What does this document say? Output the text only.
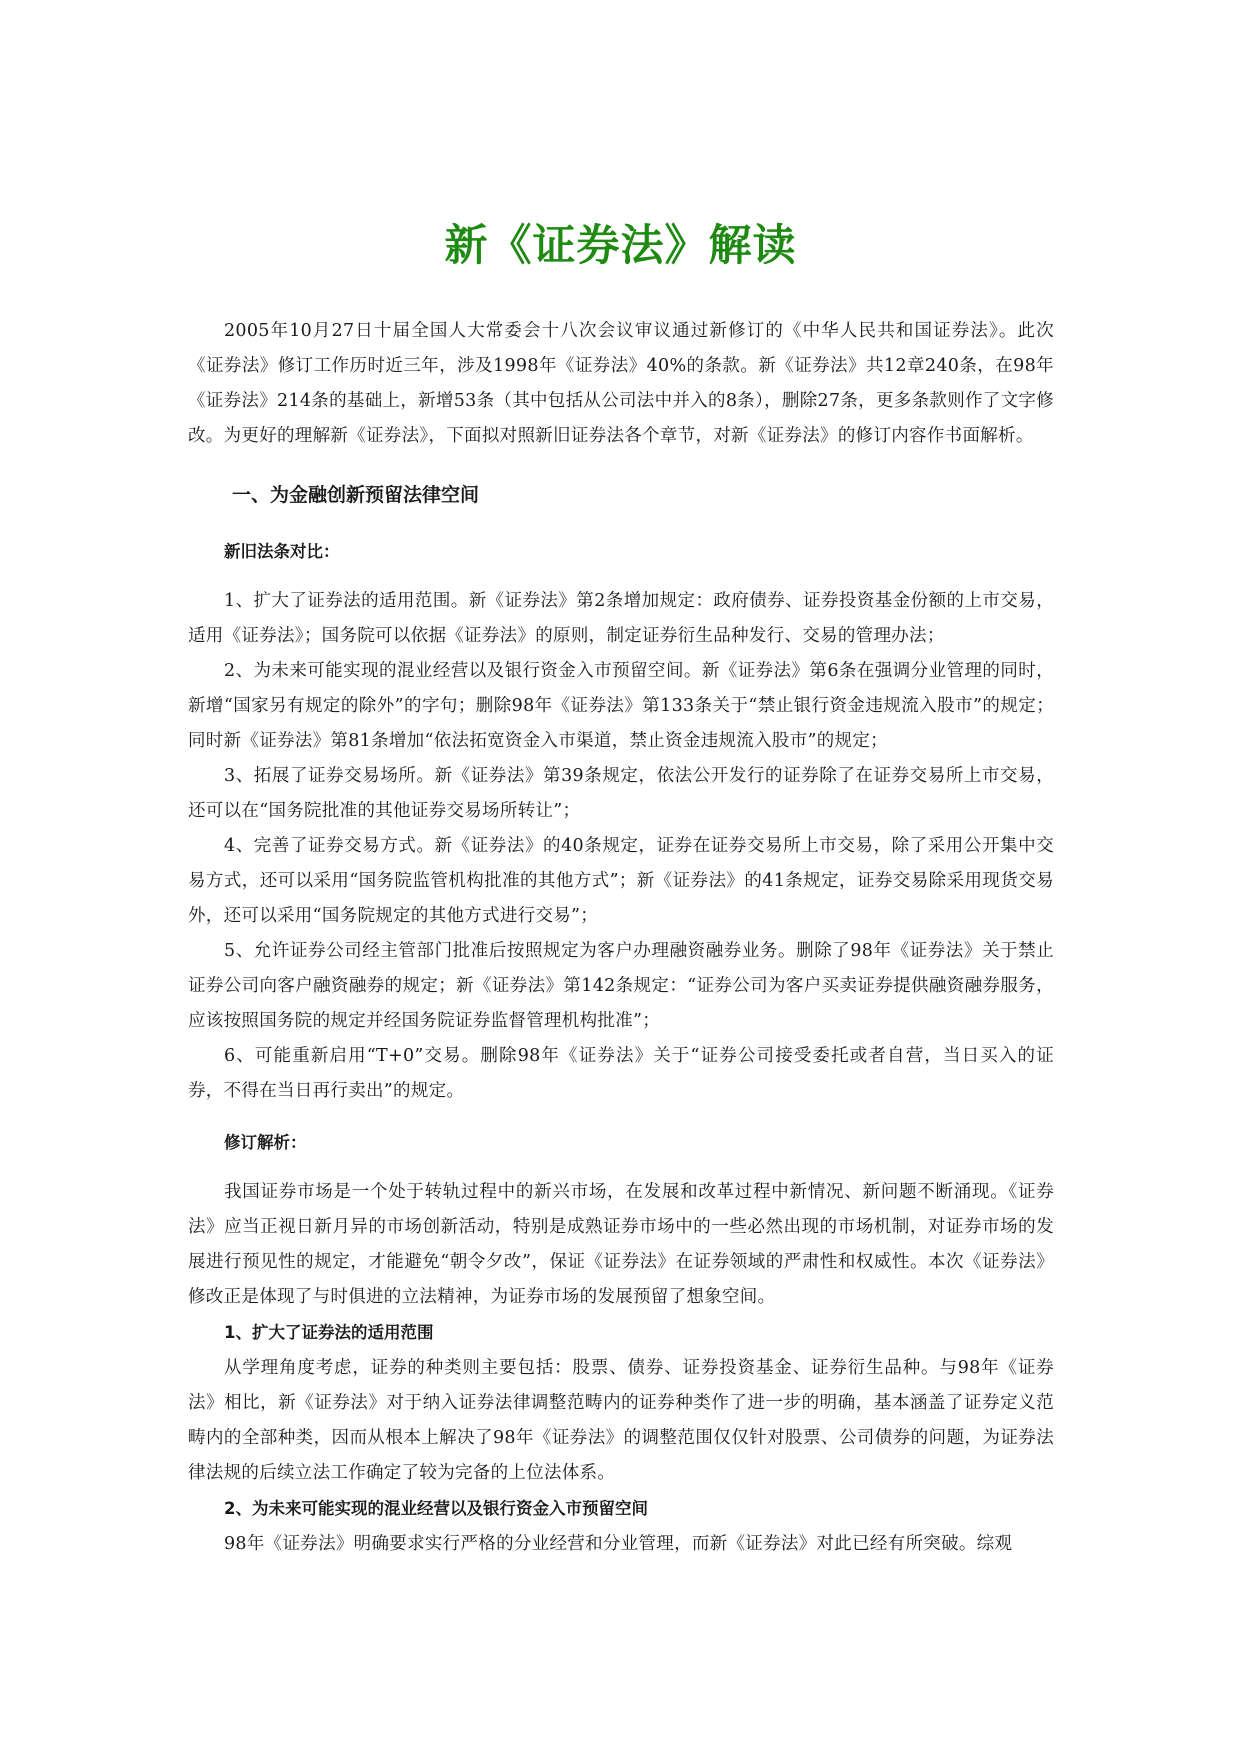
新《证券法》解读

2005年10月27日十届全国人大常委会十八次会议审议通过新修订的《中华人民共和国证券法》。此次《证券法》修订工作历时近三年，涉及1998年《证券法》40%的条款。新《证券法》共12章240条，在98年《证券法》214条的基础上，新增53条（其中包括从公司法中并入的8条），删除27条，更多条款则作了文字修改。为更好的理解新《证券法》，下面拟对照新旧证券法各个章节，对新《证券法》的修订内容作书面解析。

一、为金融创新预留法律空间
新旧法条对比：

1、扩大了证券法的适用范围。新《证券法》第2条增加规定：政府债券、证券投资基金份额的上市交易，适用《证券法》；国务院可以依据《证券法》的原则，制定证券衍生品种发行、交易的管理办法；

2、为未来可能实现的混业经营以及银行资金入市预留空间。新《证券法》第6条在强调分业管理的同时，新增“国家另有规定的除外”的字句；删除98年《证券法》第133条关于“禁止银行资金违规流入股市”的规定；同时新《证券法》第81条增加“依法拓宽资金入市渠道，禁止资金违规流入股市”的规定；

3、拓展了证券交易场所。新《证券法》第39条规定，依法公开发行的证券除了在证券交易所上市交易，还可以在“国务院批准的其他证券交易场所转让”；

4、完善了证券交易方式。新《证券法》的40条规定，证券在证券交易所上市交易，除了采用公开集中交易方式，还可以采用“国务院监管机构批准的其他方式”；新《证券法》的41条规定，证券交易除采用现货交易外，还可以采用“国务院规定的其他方式进行交易”；

5、允许证券公司经主管部门批准后按照规定为客户办理融资融券业务。删除了98年《证券法》关于禁止证券公司向客户融资融券的规定；新《证券法》第142条规定：“证券公司为客户买卖证券提供融资融券服务，应该按照国务院的规定并经国务院证券监督管理机构批准”；

6、可能重新启用“T+0”交易。删除98年《证券法》关于“证券公司接受委托或者自营，当日买入的证券，不得在当日再行卖出”的规定。

修订解析：

我国证券市场是一个处于转轨过程中的新兴市场，在发展和改革过程中新情况、新问题不断涌现。《证券法》应当正视日新月异的市场创新活动，特别是成熟证券市场中的一些必然出现的市场机制，对证券市场的发展进行预见性的规定，才能避免“朝令夕改”，保证《证券法》在证券领域的严肃性和权威性。本次《证券法》修改正是体现了与时俱进的立法精神，为证券市场的发展预留了想象空间。

1、扩大了证券法的适用范围

从学理角度考虑，证券的种类则主要包括：股票、债券、证券投资基金、证券衍生品种。与98年《证券法》相比，新《证券法》对于纳入证券法律调整范畴内的证券种类作了进一步的明确，基本涵盖了证券定义范畴内的全部种类，因而从根本上解决了98年《证券法》的调整范围仅仅针对股票、公司债券的问题，为证券法律法规的后续立法工作确定了较为完备的上位法体系。

2、为未来可能实现的混业经营以及银行资金入市预留空间

98年《证券法》明确要求实行严格的分业经营和分业管理，而新《证券法》对此已经有所突破。综观
